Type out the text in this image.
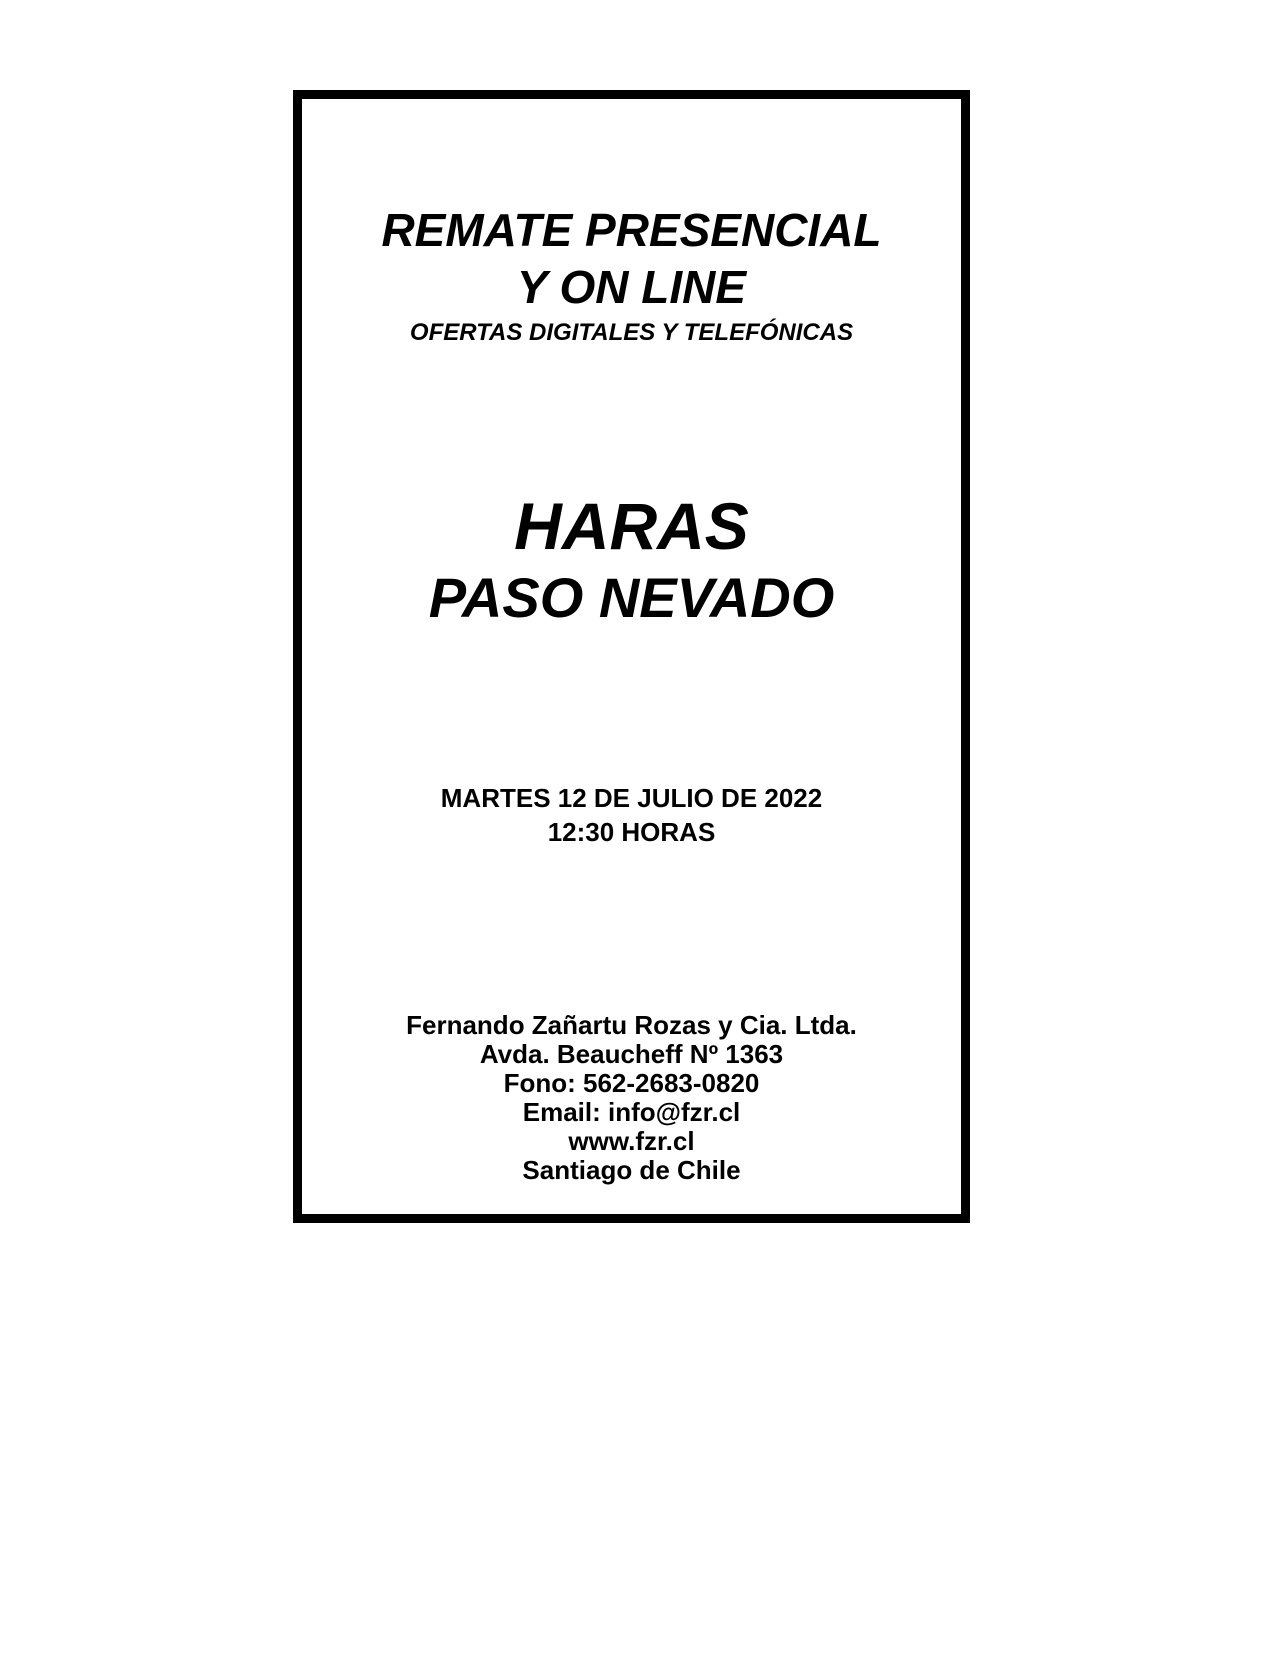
REMATE PRESENCIAL

Y ON LINE

OFERTAS DIGITALES Y TELEFÓNICAS

HARAS

PASO NEVADO

MARTES 12 DE JULIO DE 2022

12:30 HORAS

Fernando Zañartu Rozas y Cia. Ltda.
Avda. Beaucheff Nº 1363
Fono: 562-2683-0820
Email: info@fzr.cl
www.fzr.cl
Santiago de Chile
